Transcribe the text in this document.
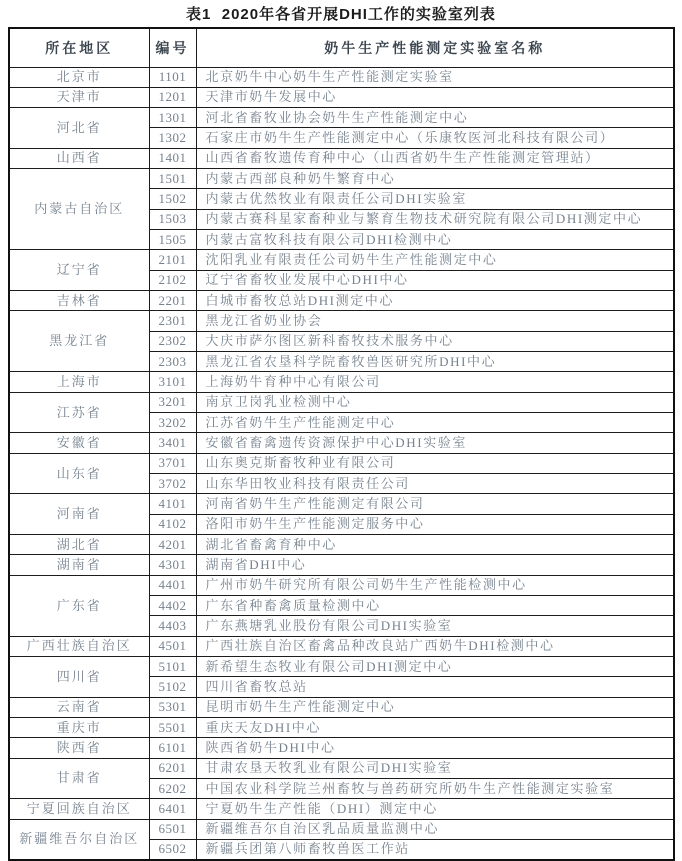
表1  2020年各省开展DHI工作的实验室列表
所在地区	编号	奶牛生产性能测定实验室名称
北京市	1101	北京奶牛中心奶牛生产性能测定实验室
天津市	1201	天津市奶牛发展中心
河北省	1301	河北省畜牧业协会奶牛生产性能测定中心
	1302	石家庄市奶牛生产性能测定中心（乐康牧医河北科技有限公司）
山西省	1401	山西省畜牧遗传育种中心（山西省奶牛生产性能测定管理站）
内蒙古自治区	1501	内蒙古西部良种奶牛繁育中心
	1502	内蒙古优然牧业有限责任公司DHI实验室
	1503	内蒙古赛科星家畜种业与繁育生物技术研究院有限公司DHI测定中心
	1505	内蒙古富牧科技有限公司DHI检测中心
辽宁省	2101	沈阳乳业有限责任公司奶牛生产性能测定中心
	2102	辽宁省畜牧业发展中心DHI中心
吉林省	2201	白城市畜牧总站DHI测定中心
黑龙江省	2301	黑龙江省奶业协会
	2302	大庆市萨尔图区新科畜牧技术服务中心
	2303	黑龙江省农垦科学院畜牧兽医研究所DHI中心
上海市	3101	上海奶牛育种中心有限公司
江苏省	3201	南京卫岗乳业检测中心
	3202	江苏省奶牛生产性能测定中心
安徽省	3401	安徽省畜禽遗传资源保护中心DHI实验室
山东省	3701	山东奥克斯畜牧种业有限公司
	3702	山东华田牧业科技有限责任公司
河南省	4101	河南省奶牛生产性能测定有限公司
	4102	洛阳市奶牛生产性能测定服务中心
湖北省	4201	湖北省畜禽育种中心
湖南省	4301	湖南省DHI中心
广东省	4401	广州市奶牛研究所有限公司奶牛生产性能检测中心
	4402	广东省种畜禽质量检测中心
	4403	广东燕塘乳业股份有限公司DHI实验室
广西壮族自治区	4501	广西壮族自治区畜禽品种改良站广西奶牛DHI检测中心
四川省	5101	新希望生态牧业有限公司DHI测定中心
	5102	四川省畜牧总站
云南省	5301	昆明市奶牛生产性能测定中心
重庆市	5501	重庆天友DHI中心
陕西省	6101	陕西省奶牛DHI中心
甘肃省	6201	甘肃农垦天牧乳业有限公司DHI实验室
	6202	中国农业科学院兰州畜牧与兽药研究所奶牛生产性能测定实验室
宁夏回族自治区	6401	宁夏奶牛生产性能（DHI）测定中心
新疆维吾尔自治区	6501	新疆维吾尔自治区乳品质量监测中心
	6502	新疆兵团第八师畜牧兽医工作站
